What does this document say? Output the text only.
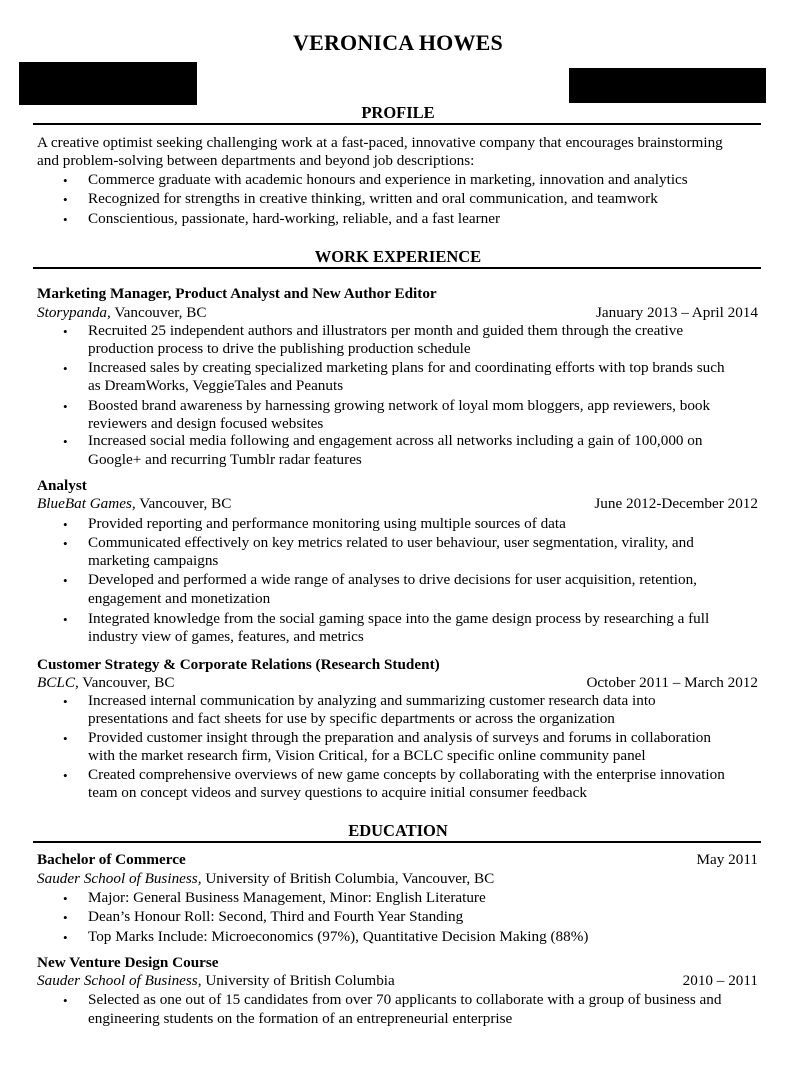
VERONICA HOWES
PROFILE
A creative optimist seeking challenging work at a fast-paced, innovative company that encourages brainstorming
and problem-solving between departments and beyond job descriptions:
• Commerce graduate with academic honours and experience in marketing, innovation and analytics
• Recognized for strengths in creative thinking, written and oral communication, and teamwork
• Conscientious, passionate, hard-working, reliable, and a fast learner
WORK EXPERIENCE
Marketing Manager, Product Analyst and New Author Editor
Storypanda, Vancouver, BC	January 2013 – April 2014
• Recruited 25 independent authors and illustrators per month and guided them through the creative
production process to drive the publishing production schedule
• Increased sales by creating specialized marketing plans for and coordinating efforts with top brands such
as DreamWorks, VeggieTales and Peanuts
• Boosted brand awareness by harnessing growing network of loyal mom bloggers, app reviewers, book
reviewers and design focused websites
• Increased social media following and engagement across all networks including a gain of 100,000 on
Google+ and recurring Tumblr radar features
Analyst
BlueBat Games, Vancouver, BC	June 2012-December 2012
• Provided reporting and performance monitoring using multiple sources of data
• Communicated effectively on key metrics related to user behaviour, user segmentation, virality, and
marketing campaigns
• Developed and performed a wide range of analyses to drive decisions for user acquisition, retention,
engagement and monetization
• Integrated knowledge from the social gaming space into the game design process by researching a full
industry view of games, features, and metrics
Customer Strategy & Corporate Relations (Research Student)
BCLC, Vancouver, BC	October 2011 – March 2012
• Increased internal communication by analyzing and summarizing customer research data into
presentations and fact sheets for use by specific departments or across the organization
• Provided customer insight through the preparation and analysis of surveys and forums in collaboration
with the market research firm, Vision Critical, for a BCLC specific online community panel
• Created comprehensive overviews of new game concepts by collaborating with the enterprise innovation
team on concept videos and survey questions to acquire initial consumer feedback
EDUCATION
Bachelor of Commerce	May 2011
Sauder School of Business, University of British Columbia, Vancouver, BC
• Major: General Business Management, Minor: English Literature
• Dean’s Honour Roll: Second, Third and Fourth Year Standing
• Top Marks Include: Microeconomics (97%), Quantitative Decision Making (88%)
New Venture Design Course
Sauder School of Business, University of British Columbia	2010 – 2011
• Selected as one out of 15 candidates from over 70 applicants to collaborate with a group of business and
engineering students on the formation of an entrepreneurial enterprise
